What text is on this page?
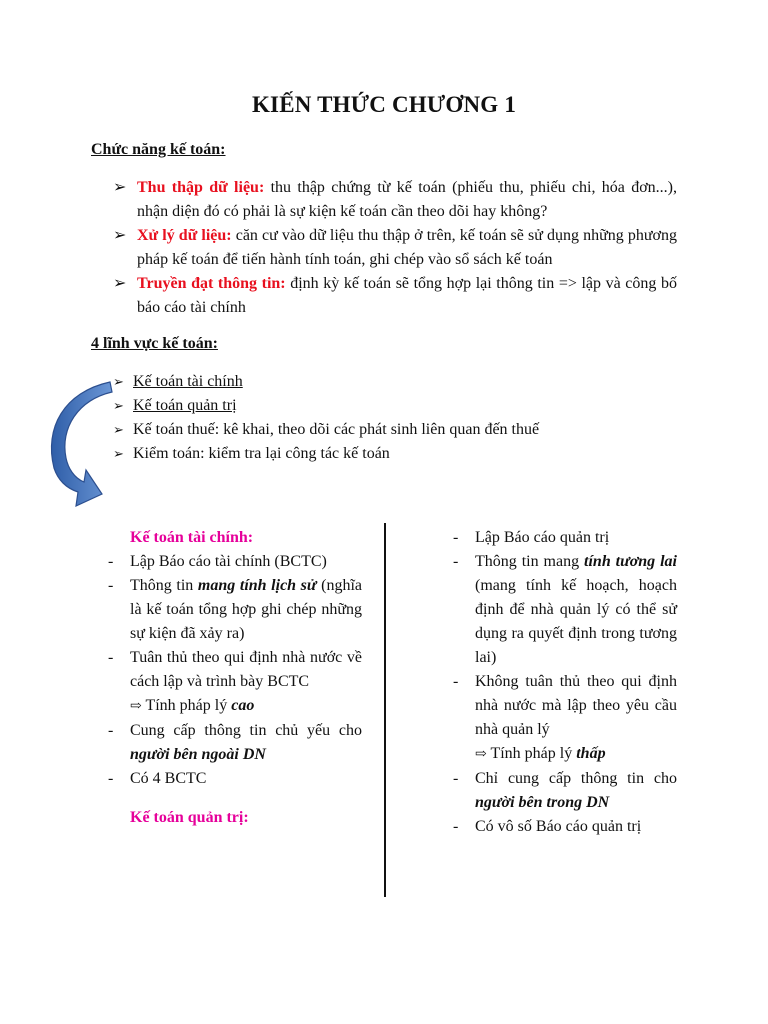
KIẾN THỨC CHƯƠNG 1
Chức năng kế toán:
➢ Thu thập dữ liệu: thu thập chứng từ kế toán (phiếu thu, phiếu chi, hóa đơn...), nhận diện đó có phải là sự kiện kế toán cần theo dõi hay không?
➢ Xử lý dữ liệu: căn cư vào dữ liệu thu thập ở trên, kế toán sẽ sử dụng những phương pháp kế toán để tiến hành tính toán, ghi chép vào sổ sách kế toán
➢ Truyền đạt thông tin: định kỳ kế toán sẽ tổng hợp lại thông tin => lập và công bố báo cáo tài chính
4 lĩnh vực kế toán:
➢ Kế toán tài chính
➢ Kế toán quản trị
➢ Kế toán thuế: kê khai, theo dõi các phát sinh liên quan đến thuế
➢ Kiểm toán: kiểm tra lại công tác kế toán
Kế toán tài chính:
- Lập Báo cáo tài chính (BCTC)
- Thông tin mang tính lịch sử (nghĩa là kế toán tổng hợp ghi chép những sự kiện đã xảy ra)
- Tuân thủ theo qui định nhà nước về cách lập và trình bày BCTC
⇨ Tính pháp lý cao
- Cung cấp thông tin chủ yếu cho người bên ngoài DN
- Có 4 BCTC
Kế toán quản trị:
- Lập Báo cáo quản trị
- Thông tin mang tính tương lai (mang tính kế hoạch, hoạch định để nhà quản lý có thể sử dụng ra quyết định trong tương lai)
- Không tuân thủ theo qui định nhà nước mà lập theo yêu cầu nhà quản lý
⇨ Tính pháp lý thấp
- Chỉ cung cấp thông tin cho người bên trong DN
- Có vô số Báo cáo quản trị
